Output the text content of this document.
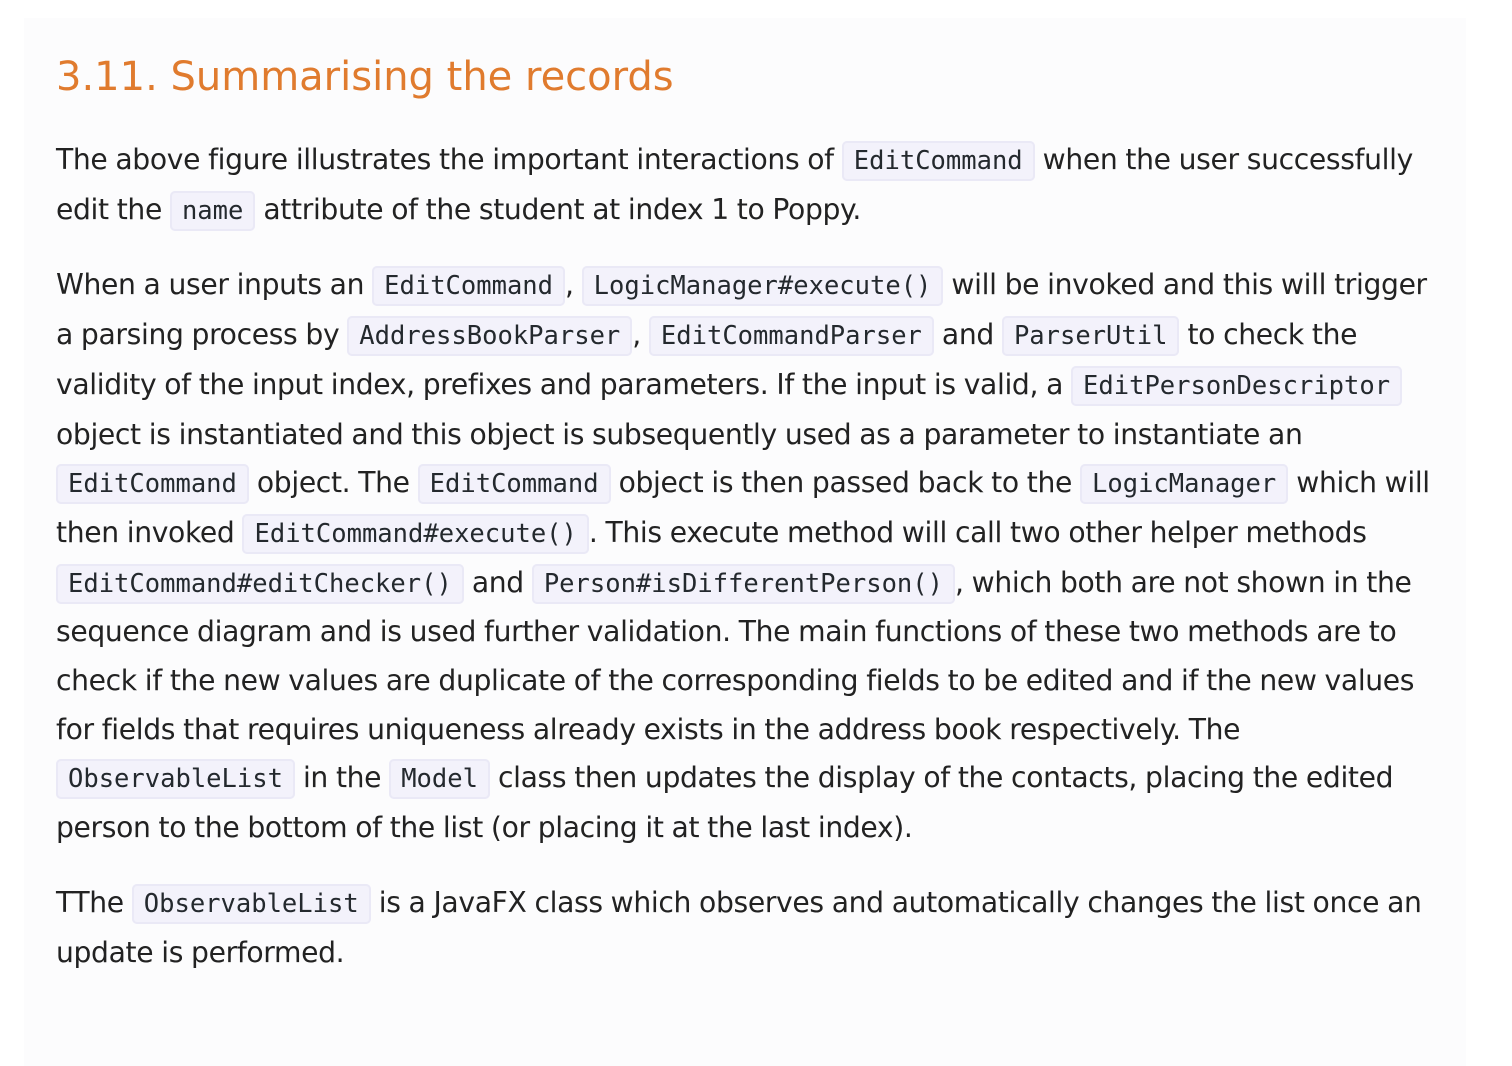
3.11. Summarising the records

The above figure illustrates the important interactions of EditCommand when the user successfully edit the name attribute of the student at index 1 to Poppy.

When a user inputs an EditCommand , LogicManager#execute() will be invoked and this will trigger a parsing process by AddressBookParser , EditCommandParser and ParserUtil to check the validity of the input index, prefixes and parameters. If the input is valid, a EditPersonDescriptor object is instantiated and this object is subsequently used as a parameter to instantiate an EditCommand object. The EditCommand object is then passed back to the LogicManager which will then invoked EditCommand#execute() . This execute method will call two other helper methods EditCommand#editChecker() and Person#isDifferentPerson() , which both are not shown in the sequence diagram and is used further validation. The main functions of these two methods are to check if the new values are duplicate of the corresponding fields to be edited and if the new values for fields that requires uniqueness already exists in the address book respectively. The ObservableList in the Model class then updates the display of the contacts, placing the edited person to the bottom of the list (or placing it at the last index).

TThe ObservableList is a JavaFX class which observes and automatically changes the list once an update is performed.
